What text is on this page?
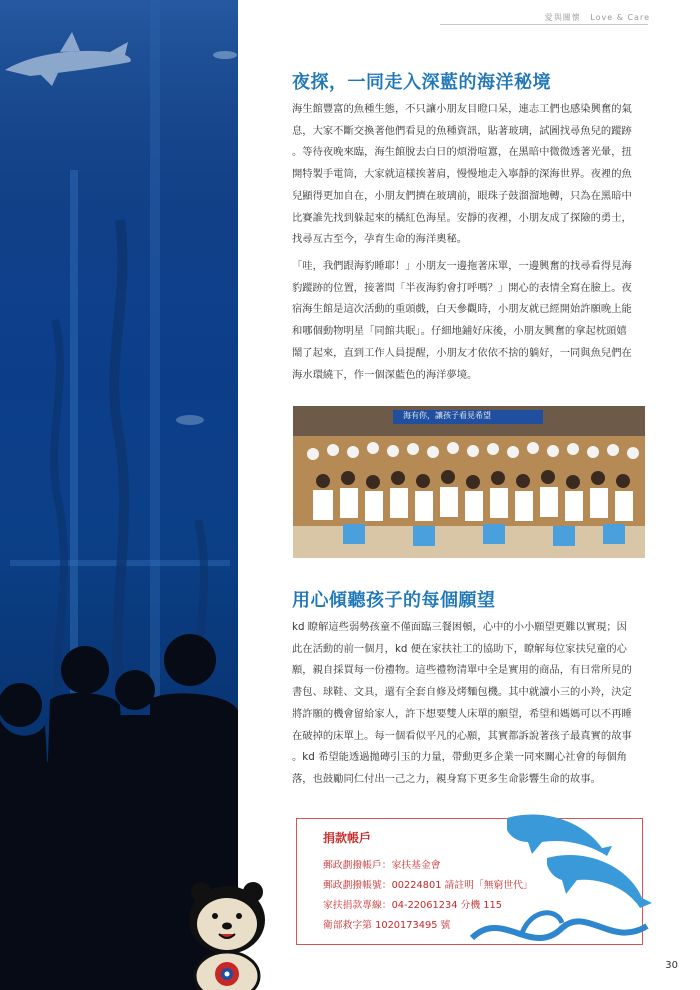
愛與關懷 Love & Care
夜探，一同走入深藍的海洋秘境
海生館豐富的魚種生態，不只讓小朋友目瞪口呆，連志工們也感染興奮的氣
息，大家不斷交換著他們看見的魚種資訊，貼著玻璃，試圖找尋魚兒的蹤跡
。等待夜晚來臨，海生館脫去白日的煩滑喧囂，在黑暗中微微透著光暈，扭
開特製手電筒，大家就這樣挨著肩，慢慢地走入寧靜的深海世界。夜裡的魚
兒顯得更加自在，小朋友們擠在玻璃前，眼珠子鼓溜溜地轉，只為在黑暗中
比賽誰先找到躲起來的橘紅色海星。安靜的夜裡，小朋友成了探險的勇士，
找尋亙古至今，孕育生命的海洋奧秘。
「哇，我們跟海豹睡耶！」小朋友一邊拖著床單，一邊興奮的找尋看得見海
豹蹤跡的位置，接著問「半夜海豹會打呼嗎？」開心的表情全寫在臉上。夜
宿海生館是這次活動的重頭戲，白天參觀時，小朋友就已經開始許願晚上能
和哪個動物明星「同館共眠」。仔細地鋪好床後，小朋友興奮的拿起枕頭嬉
鬧了起來，直到工作人員提醒，小朋友才依依不捨的躺好，一同與魚兒們在
海水環繞下，作一個深藍色的海洋夢境。
海有你，讓孩子看見希望
用心傾聽孩子的每個願望
kd 瞭解這些弱勢孩童不僅面臨三餐困頓，心中的小小願望更難以實現；因
此在活動的前一個月，kd 便在家扶社工的協助下，瞭解每位家扶兒童的心
願，親自採買每一份禮物。這些禮物清單中全是實用的商品，有日常所見的
書包、球鞋、文具，還有全套自修及烤麵包機。其中就讀小三的小羚，決定
將許願的機會留給家人，許下想要雙人床單的願望，希望和媽媽可以不再睡
在破掉的床單上。每一個看似平凡的心願，其實都訴說著孩子最真實的故事
。kd 希望能透過拋磚引玉的力量，帶動更多企業一同來關心社會的每個角
落，也鼓勵同仁付出一己之力，親身寫下更多生命影響生命的故事。
捐款帳戶
郵政劃撥帳戶：家扶基金會
郵政劃撥帳號：00224801 請註明「無窮世代」
家扶捐款專線：04-22061234 分機 115
衛部救字第 1020173495 號
30
